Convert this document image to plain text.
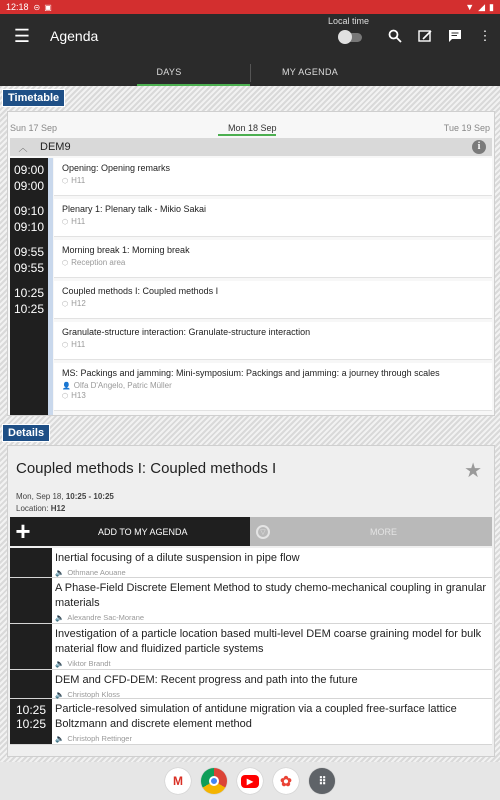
12:18 ⊝ ▣	▼ ◢ ▮
☰	Agenda
Local time
⋮
DAYS	MY AGENDA
Timetable
Sun 17 Sep	Mon 18 Sep	Tue 19 Sep
︿	DEM9	i
09:00
09:00
Opening: Opening remarks
⬡ H11
09:10
09:10
Plenary 1: Plenary talk - Mikio Sakai
⬡ H11
09:55
09:55
Morning break 1: Morning break
⬡ Reception area
10:25
10:25
Coupled methods I: Coupled methods I
⬡ H12
Granulate-structure interaction: Granulate-structure interaction
⬡ H11
MS: Packings and jamming: Mini-symposium: Packings and jamming: a journey through scales
👤 Olfa D'Angelo, Patric Müller
⬡ H13
Details
Coupled methods I: Coupled methods I	★
Mon, Sep 18, 10:25 - 10:25
Location: H12
+	ADD TO MY AGENDA	▽	MORE
Inertial focusing of a dilute suspension in pipe flow
🔈 Othmane Aouane
A Phase-Field Discrete Element Method to study chemo-mechanical coupling in granular materials
🔈 Alexandre Sac-Morane
Investigation of a particle location based multi-level DEM coarse graining model for bulk material flow and fluidized particle systems
🔈 Viktor Brandt
DEM and CFD-DEM: Recent progress and path into the future
🔈 Christoph Kloss
10:25
10:25
Particle-resolved simulation of antidune migration via a coupled free-surface lattice Boltzmann and discrete element method
🔈 Christoph Rettinger
M	▶	✿	⠿
